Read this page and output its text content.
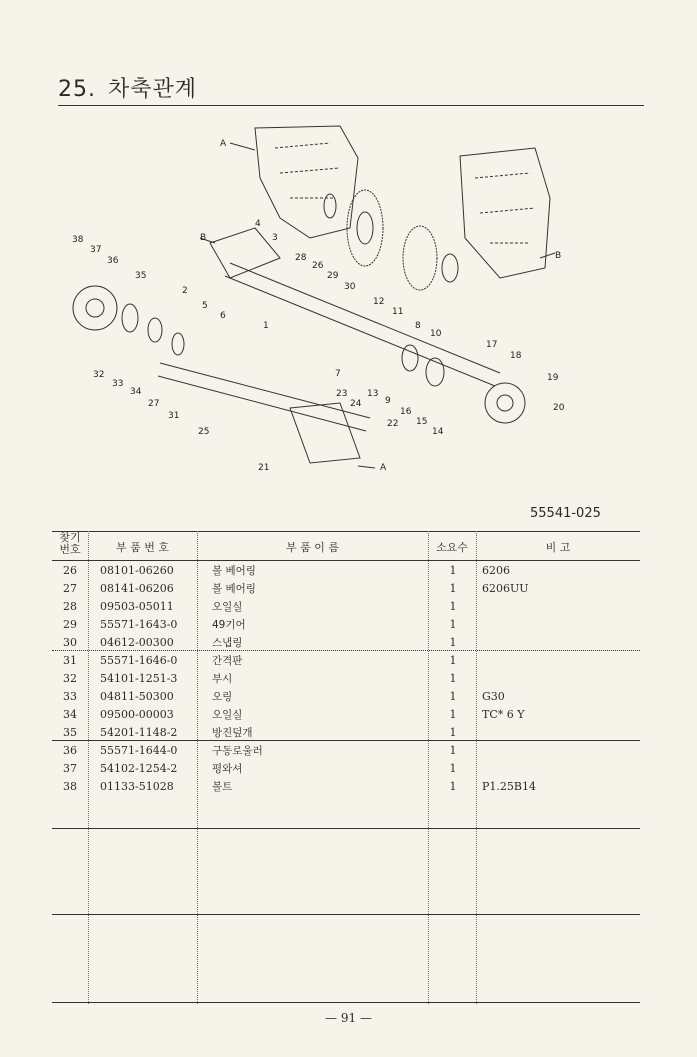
25. 차축관계
A
B
B
A
1
2
3
4
5
6
7
8
9
10
11
12
13
14
15
16
17
18
19
20
21
22
23
24
25
26
27
28
29
30
31
32
33
34
35
36
37
38
55541-025
찾기
번호	부 품 번 호	부 품 이 름	소요수	비 고
26	08101-06260	볼 베어링	1	6206
27	08141-06206	볼 베어링	1	6206UU
28	09503-05011	오일실	1
29	55571-1643-0	49기어	1
30	04612-00300	스냅링	1
31	55571-1646-0	간격판	1
32	54101-1251-3	부시	1
33	04811-50300	오링	1	G30
34	09500-00003	오일실	1	TC* 6 Y
35	54201-1148-2	방진덮개	1
36	55571-1644-0	구동로울러	1
37	54102-1254-2	평와셔	1
38	01133-51028	볼트	1	P1.25B14
— 91 —
